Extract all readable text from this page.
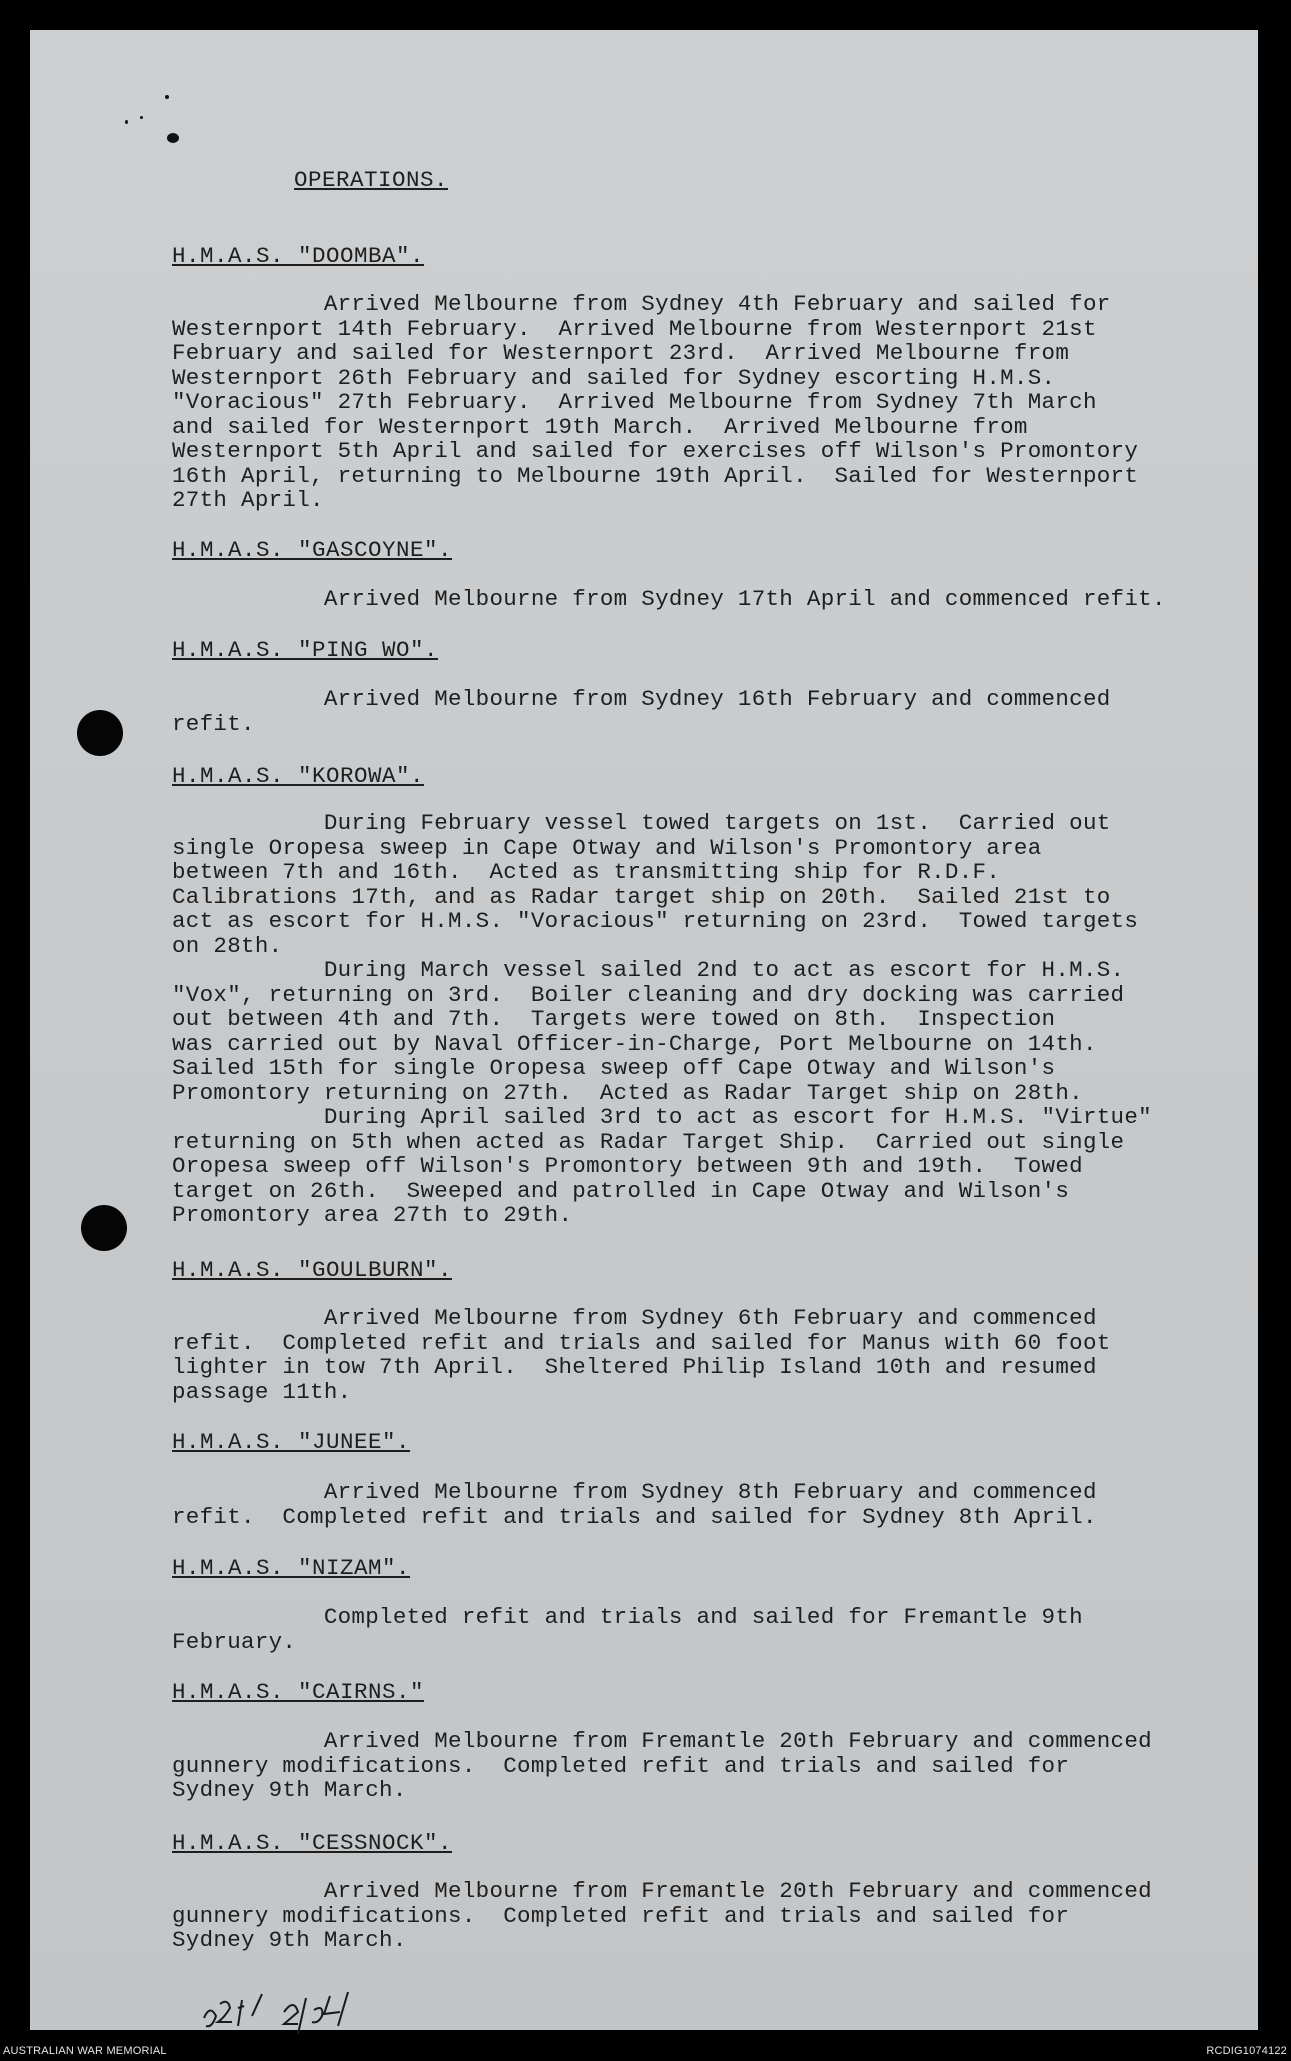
OPERATIONS.
H.M.A.S. "DOOMBA".
Arrived Melbourne from Sydney 4th February and sailed for
Westernport 14th February.  Arrived Melbourne from Westernport 21st
February and sailed for Westernport 23rd.  Arrived Melbourne from
Westernport 26th February and sailed for Sydney escorting H.M.S.
"Voracious" 27th February.  Arrived Melbourne from Sydney 7th March
and sailed for Westernport 19th March.  Arrived Melbourne from
Westernport 5th April and sailed for exercises off Wilson's Promontory
16th April, returning to Melbourne 19th April.  Sailed for Westernport
27th April.
H.M.A.S. "GASCOYNE".
Arrived Melbourne from Sydney 17th April and commenced refit.
H.M.A.S. "PING WO".
Arrived Melbourne from Sydney 16th February and commenced
refit.
H.M.A.S. "KOROWA".
During February vessel towed targets on 1st.  Carried out
single Oropesa sweep in Cape Otway and Wilson's Promontory area
between 7th and 16th.  Acted as transmitting ship for R.D.F.
Calibrations 17th, and as Radar target ship on 20th.  Sailed 21st to
act as escort for H.M.S. "Voracious" returning on 23rd.  Towed targets
on 28th.
During March vessel sailed 2nd to act as escort for H.M.S.
"Vox", returning on 3rd.  Boiler cleaning and dry docking was carried
out between 4th and 7th.  Targets were towed on 8th.  Inspection
was carried out by Naval Officer-in-Charge, Port Melbourne on 14th.
Sailed 15th for single Oropesa sweep off Cape Otway and Wilson's
Promontory returning on 27th.  Acted as Radar Target ship on 28th.
During April sailed 3rd to act as escort for H.M.S. "Virtue"
returning on 5th when acted as Radar Target Ship.  Carried out single
Oropesa sweep off Wilson's Promontory between 9th and 19th.  Towed
target on 26th.  Sweeped and patrolled in Cape Otway and Wilson's
Promontory area 27th to 29th.
H.M.A.S. "GOULBURN".
Arrived Melbourne from Sydney 6th February and commenced
refit.  Completed refit and trials and sailed for Manus with 60 foot
lighter in tow 7th April.  Sheltered Philip Island 10th and resumed
passage 11th.
H.M.A.S. "JUNEE".
Arrived Melbourne from Sydney 8th February and commenced
refit.  Completed refit and trials and sailed for Sydney 8th April.
H.M.A.S. "NIZAM".
Completed refit and trials and sailed for Fremantle 9th
February.
H.M.A.S. "CAIRNS."
Arrived Melbourne from Fremantle 20th February and commenced
gunnery modifications.  Completed refit and trials and sailed for
Sydney 9th March.
H.M.A.S. "CESSNOCK".
Arrived Melbourne from Fremantle 20th February and commenced
gunnery modifications.  Completed refit and trials and sailed for
Sydney 9th March.
AUSTRALIAN WAR MEMORIAL	RCDIG1074122
